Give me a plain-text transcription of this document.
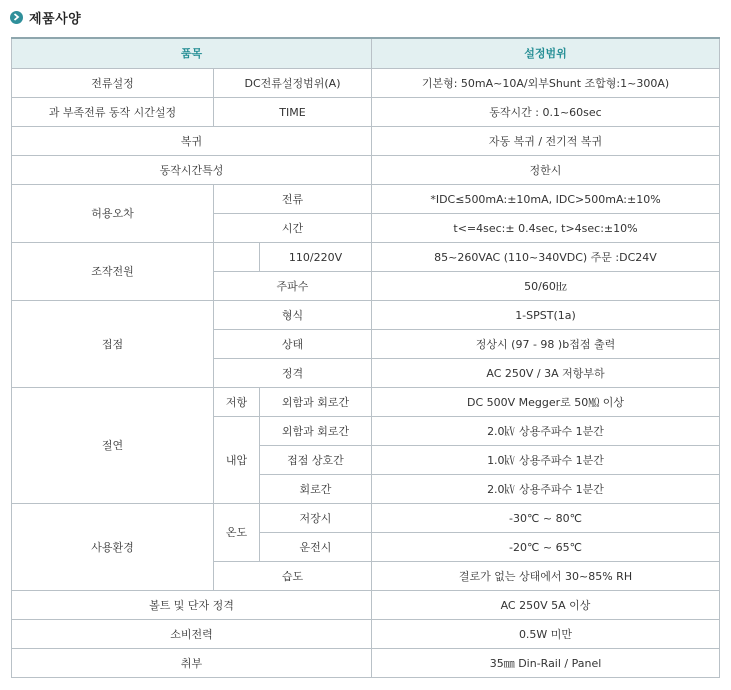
제품사양
품목			설정범위
전류설정	DC전류설정범위(A)		기본형: 50mA~10A/외부Shunt 조합형:1~300A)
과 부족전류 동작 시간설정	TIME		동작시간 : 0.1~60sec
복귀			자동 복귀 / 전기적 복귀
동작시간특성			정한시
허용오차	전류		*IDC≤500mA:±10mA, IDC>500mA:±10%
	시간		t<=4sec:± 0.4sec, t>4sec:±10%
조작전원		110/220V	85~260VAC (110~340VDC) 주문 :DC24V
	주파수		50/60㎐
접점	형식		1-SPST(1a)
	상태		정상시 (97 - 98 )b접점 출력
	정격		AC 250V / 3A 저항부하
절연	저항	외함과 회로간	DC 500V Megger로 50㏁ 이상
	내압	외함과 회로간	2.0㎸ 상용주파수 1분간
		접점 상호간	1.0㎸ 상용주파수 1분간
		회로간	2.0㎸ 상용주파수 1분간
사용환경	온도	저장시	-30℃ ~ 80℃
		운전시	-20℃ ~ 65℃
	습도		결로가 없는 상태에서 30~85% RH
볼트 및 단자 정격			AC 250V 5A 이상
소비전력			0.5W 미만
취부			35㎜ Din-Rail / Panel
